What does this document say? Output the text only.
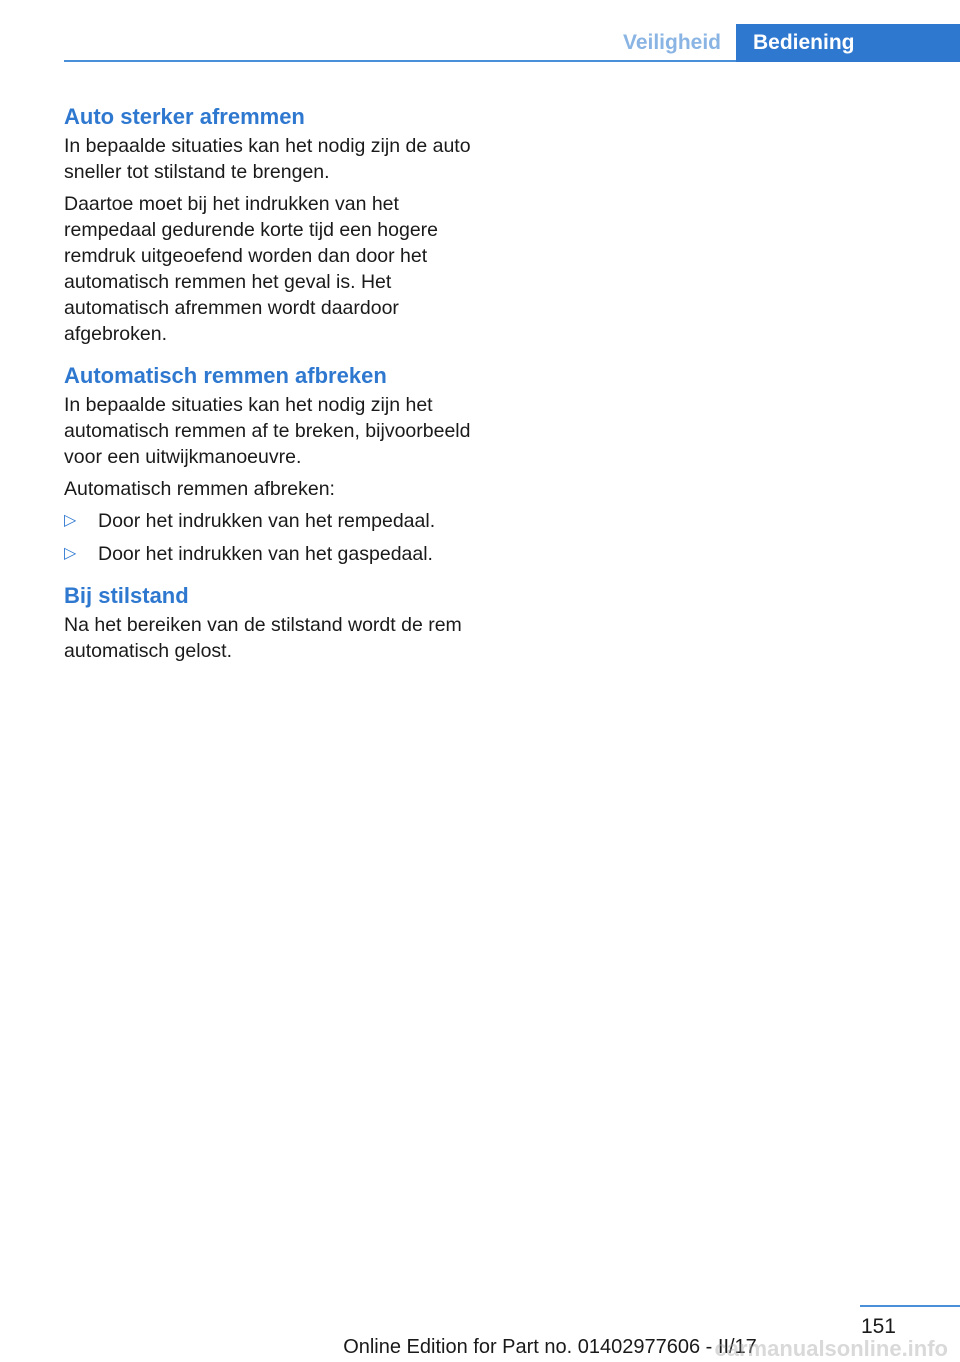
Veiligheid	Bediening
Auto sterker afremmen

In bepaalde situaties kan het nodig zijn de auto sneller tot stilstand te brengen.

Daartoe moet bij het indrukken van het rempedaal gedurende korte tijd een hogere remdruk uitgeoefend worden dan door het automatisch remmen het geval is. Het automatisch afremmen wordt daardoor afgebroken.

Automatisch remmen afbreken

In bepaalde situaties kan het nodig zijn het automatisch remmen af te breken, bijvoorbeeld voor een uitwijkmanoeuvre.

Automatisch remmen afbreken:

▷ Door het indrukken van het rempedaal.
▷ Door het indrukken van het gaspedaal.
Bij stilstand

Na het bereiken van de stilstand wordt de rem automatisch gelost.

151
Online Edition for Part no. 01402977606 - II/17
carmanualsonline.info
